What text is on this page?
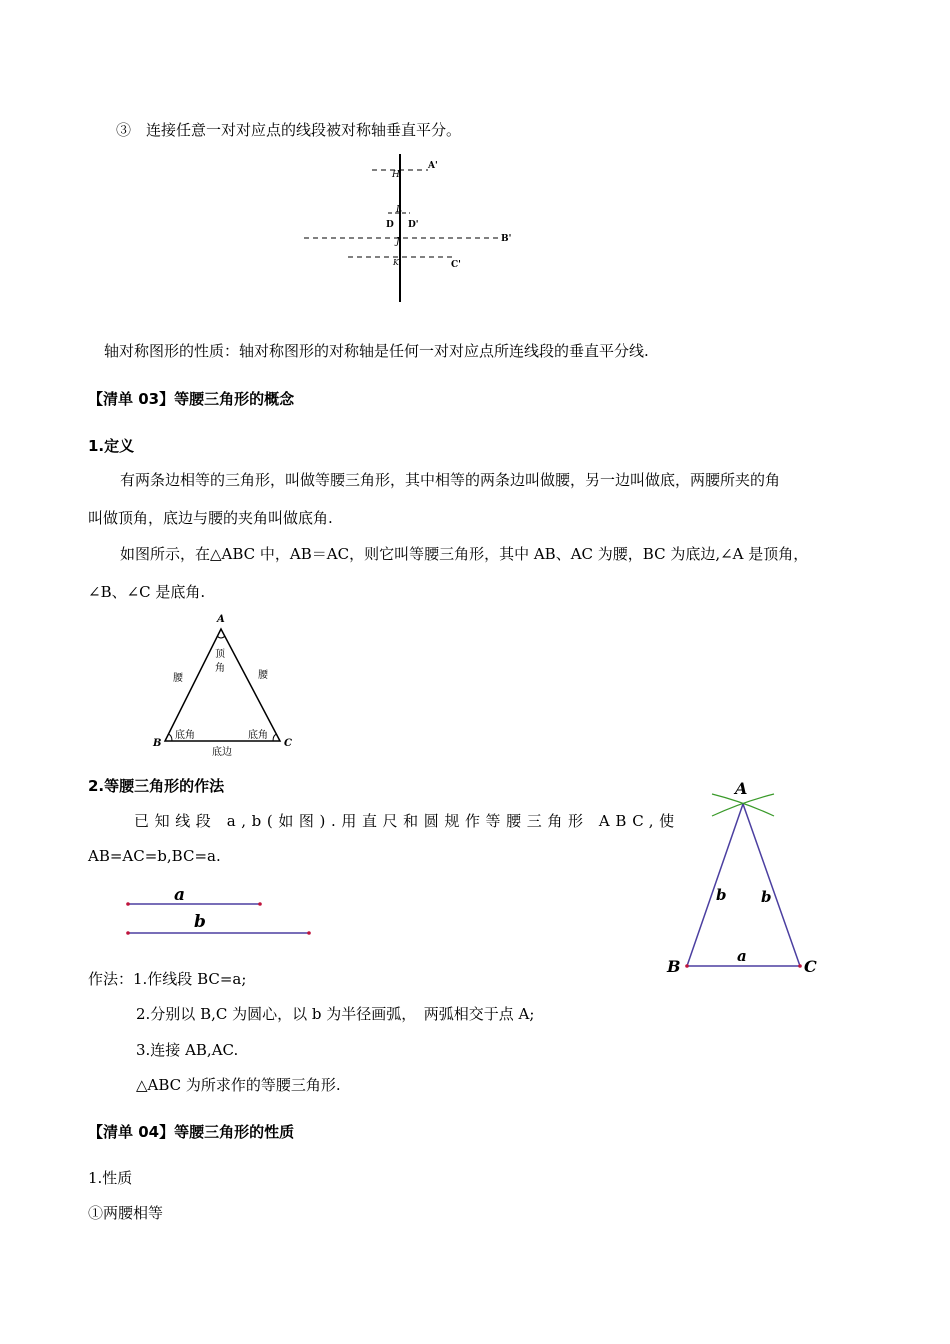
③　连接任意一对对应点的线段被对称轴垂直平分。
A'
D D'
B'
C'
H
L
J
K
轴对称图形的性质：轴对称图形的对称轴是任何一对对应点所连线段的垂直平分线.
【清单 03】等腰三角形的概念
1.定义
有两条边相等的三角形，叫做等腰三角形，其中相等的两条边叫做腰，另一边叫做底，两腰所夹的角
叫做顶角，底边与腰的夹角叫做底角.
如图所示，在△ABC 中，AB＝AC，则它叫等腰三角形，其中 AB、AC 为腰，BC 为底边,∠A 是顶角，
∠B、∠C 是底角.
A
B	C
顶
角
腰	腰
底角	底角
底边
2.等腰三角形的作法
已知线段 a,b(如图).用直尺和圆规作等腰三角形 ABC,使
AB=AC=b,BC=a.
a
b
A
B	C
b b
a
作法：1.作线段 BC=a;
2.分别以 B,C 为圆心，以 b 为半径画弧，　两弧相交于点 A;
3.连接 AB,AC.
△ABC 为所求作的等腰三角形.
【清单 04】等腰三角形的性质
1.性质
①两腰相等
